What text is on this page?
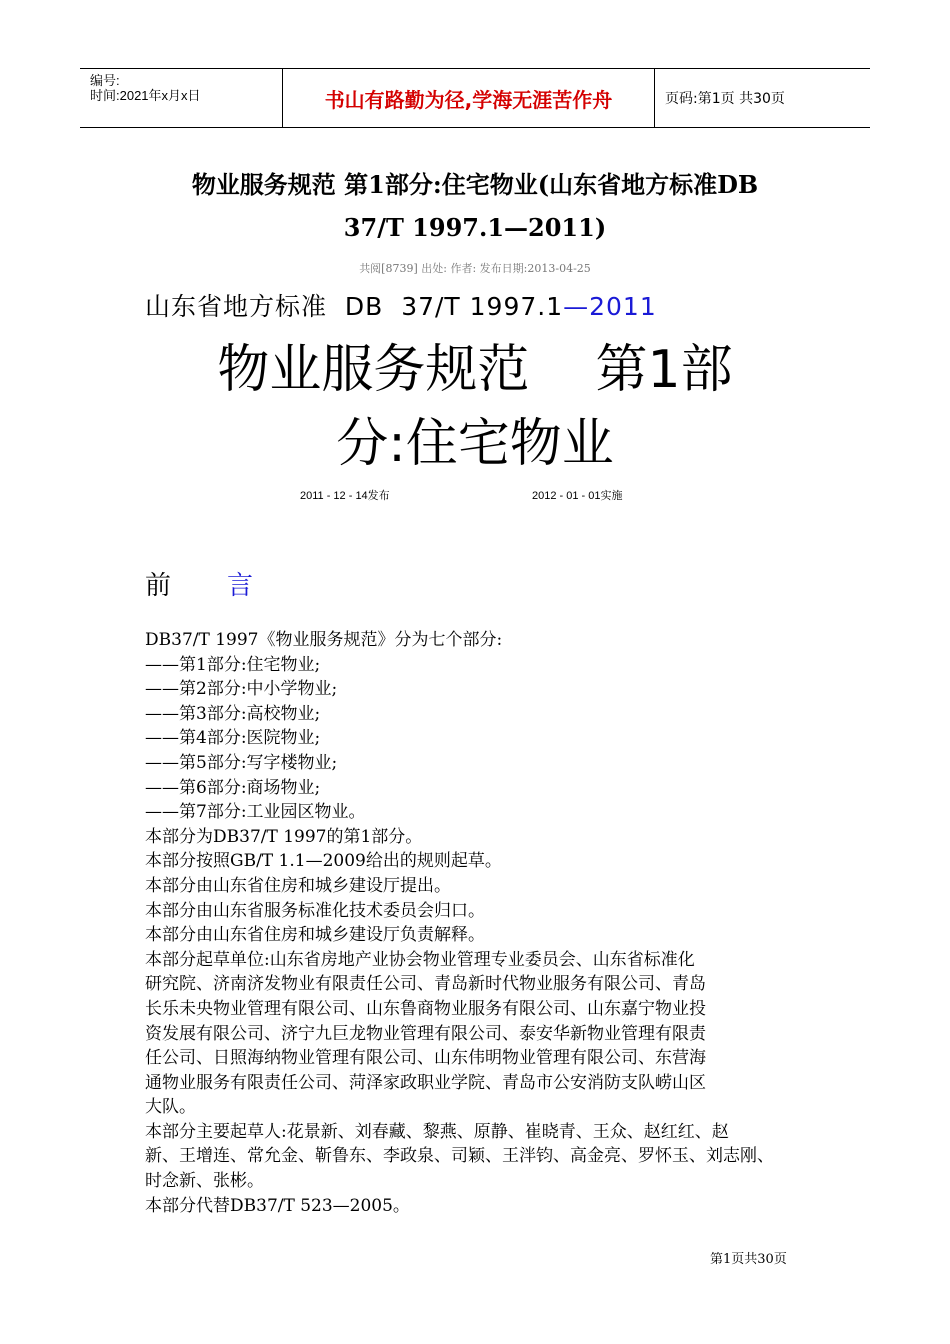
编号:
时间:2021年x月x日	书山有路勤为径,学海无涯苦作舟	页码:第1页 共30页
物业服务规范 第1部分:住宅物业(山东省地方标准DB
37/T 1997.1—2011)
共阅[8739] 出处: 作者: 发布日期:2013-04-25
山东省地方标准  DB  37/T 1997.1—2011
物业服务规范    第1部
分:住宅物业
2011 - 12 - 14发布	2012 - 01 - 01实施
前 言
DB37/T 1997《物业服务规范》分为七个部分:
——第1部分:住宅物业;
——第2部分:中小学物业;
——第3部分:高校物业;
——第4部分:医院物业;
——第5部分:写字楼物业;
——第6部分:商场物业;
——第7部分:工业园区物业。
本部分为DB37/T 1997的第1部分。
本部分按照GB/T 1.1—2009给出的规则起草。
本部分由山东省住房和城乡建设厅提出。
本部分由山东省服务标准化技术委员会归口。
本部分由山东省住房和城乡建设厅负责解释。
本部分起草单位:山东省房地产业协会物业管理专业委员会、山东省标准化
研究院、济南济发物业有限责任公司、青岛新时代物业服务有限公司、青岛
长乐未央物业管理有限公司、山东鲁商物业服务有限公司、山东嘉宁物业投
资发展有限公司、济宁九巨龙物业管理有限公司、泰安华新物业管理有限责
任公司、日照海纳物业管理有限公司、山东伟明物业管理有限公司、东营海
通物业服务有限责任公司、菏泽家政职业学院、青岛市公安消防支队崂山区
大队。
本部分主要起草人:花景新、刘春藏、黎燕、原静、崔晓青、王众、赵红红、赵
新、王增连、常允金、靳鲁东、李政泉、司颖、王泮钧、高金亮、罗怀玉、刘志刚、
时念新、张彬。
本部分代替DB37/T 523—2005。
第1页共30页
